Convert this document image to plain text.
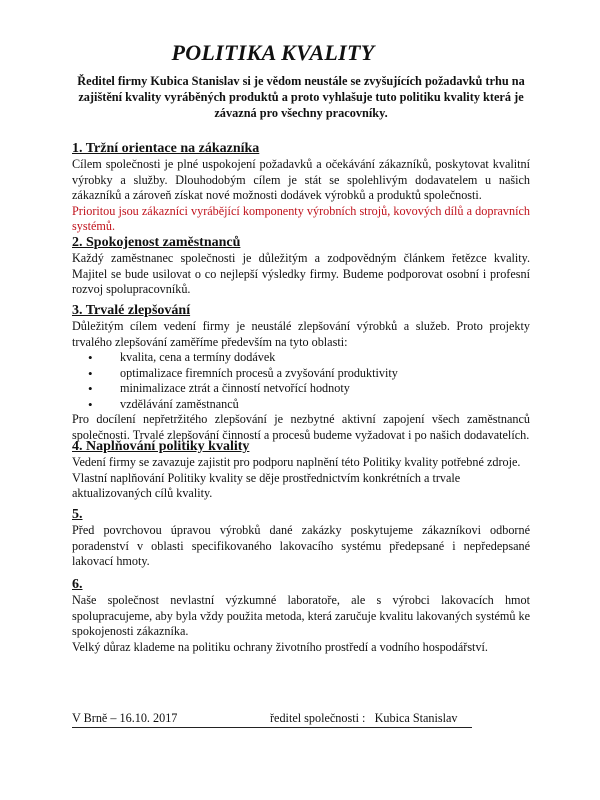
POLITIKA KVALITY
Ředitel firmy Kubica Stanislav si je vědom neustále se zvyšujících požadavků trhu na zajištění kvality vyráběných produktů a proto vyhlašuje tuto politiku kvality která je závazná pro všechny pracovníky.
1. Tržní orientace na zákazníka

Cílem společnosti je plné uspokojení požadavků a očekávání zákazníků, poskytovat kvalitní výrobky a služby. Dlouhodobým cílem je stát se spolehlivým dodavatelem u našich zákazníků a zároveň získat nové možnosti dodávek výrobků a produktů společnosti.

Prioritou jsou zákazníci vyrábějící komponenty výrobních strojů, kovových dílů a dopravních systémů.

2. Spokojenost zaměstnanců

Každý zaměstnanec společnosti je důležitým a zodpovědným článkem řetězce kvality. Majitel se bude usilovat o co nejlepší výsledky firmy. Budeme podporovat osobní i profesní rozvoj spolupracovníků.

3. Trvalé zlepšování

Důležitým cílem vedení firmy je neustálé zlepšování výrobků a služeb. Proto projekty trvalého zlepšování zaměříme především na tyto oblasti:

• kvalita, cena a termíny dodávek
• optimalizace firemních procesů a zvyšování produktivity
• minimalizace ztrát a činností netvořící hodnoty
• vzdělávání zaměstnanců

Pro docílení nepřetržitého zlepšování je nezbytné aktivní zapojení všech zaměstnanců společnosti. Trvalé zlepšování činností a procesů budeme vyžadovat i po našich dodavatelích.

4. Naplňování politiky kvality

Vedení firmy se zavazuje zajistit pro podporu naplnění této Politiky kvality potřebné zdroje.

Vlastní naplňování Politiky kvality se děje prostřednictvím konkrétních a trvale aktualizovaných cílů kvality.

5.

Před povrchovou úpravou výrobků dané zakázky poskytujeme zákazníkovi odborné poradenství v oblasti specifikovaného lakovacího systému předepsané i nepředepsané lakovací hmoty.

6.

Naše společnost nevlastní výzkumné laboratoře, ale s výrobci lakovacích hmot spolupracujeme, aby byla vždy použita metoda, která zaručuje kvalitu lakovaných systémů ke spokojenosti zákazníka.

Velký důraz klademe na politiku ochrany životního prostředí a vodního hospodářství.

V Brně – 16.10. 2017	ředitel společnosti :   Kubica Stanislav
